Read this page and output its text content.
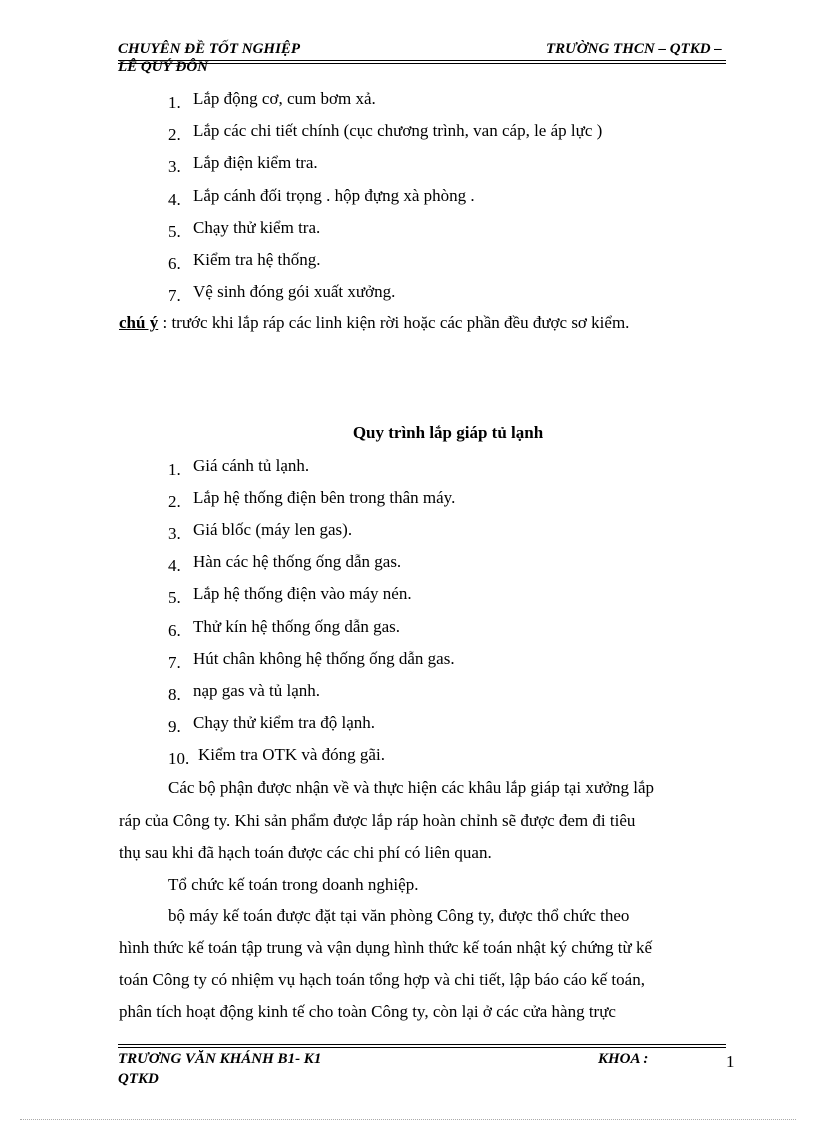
CHUYÊN ĐỀ TỐT NGHIỆP	TRƯỜNG THCN – QTKD –
LÊ QUÝ ĐÔN
1. Lắp động cơ, cum bơm xả.
2. Lắp các chi tiết chính (cục chương trình, van cáp, le áp lực )
3. Lắp điện kiểm tra.
4. Lắp cánh đối trọng . hộp đựng xà phòng .
5. Chạy thử kiểm tra.
6. Kiểm tra hệ thống.
7. Vệ sinh đóng gói xuất xưởng.
chú ý : trước khi lắp ráp các linh kiện rời hoặc các phần đều được sơ kiểm.
Quy trình lắp giáp tủ lạnh
1. Giá cánh tủ lạnh.
2. Lắp hệ thống điện bên trong thân máy.
3. Giá blốc (máy len gas).
4. Hàn các hệ thống ống dẫn gas.
5. Lắp hệ thống điện vào máy nén.
6. Thử kín hệ thống ống dẫn gas.
7. Hút chân không hệ thống ống dẫn gas.
8. nạp gas và tủ lạnh.
9. Chạy thử kiểm tra độ lạnh.
10. Kiểm tra OTK và đóng gãi.
Các bộ phận được nhận về và thực hiện các khâu lắp giáp tại xưởng lắp
ráp của Công ty. Khi sản phẩm được lắp ráp hoàn chỉnh sẽ được đem đi tiêu
thụ sau khi đã hạch toán được các chi phí có liên quan.
Tổ chức kế toán trong doanh nghiệp.
bộ máy kế toán được đặt tại văn phòng Công ty, được thổ chức theo
hình thức kế toán tập trung và vận dụng hình thức kế toán nhật ký chứng từ kế
toán Công ty có nhiệm vụ hạch toán tổng hợp và chi tiết, lập báo cáo kế toán,
phân tích hoạt động kinh tế cho toàn Công ty, còn lại ở các cửa hàng trực
TRƯƠNG VĂN KHÁNH B1- K1
QTKD
KHOA :	1
